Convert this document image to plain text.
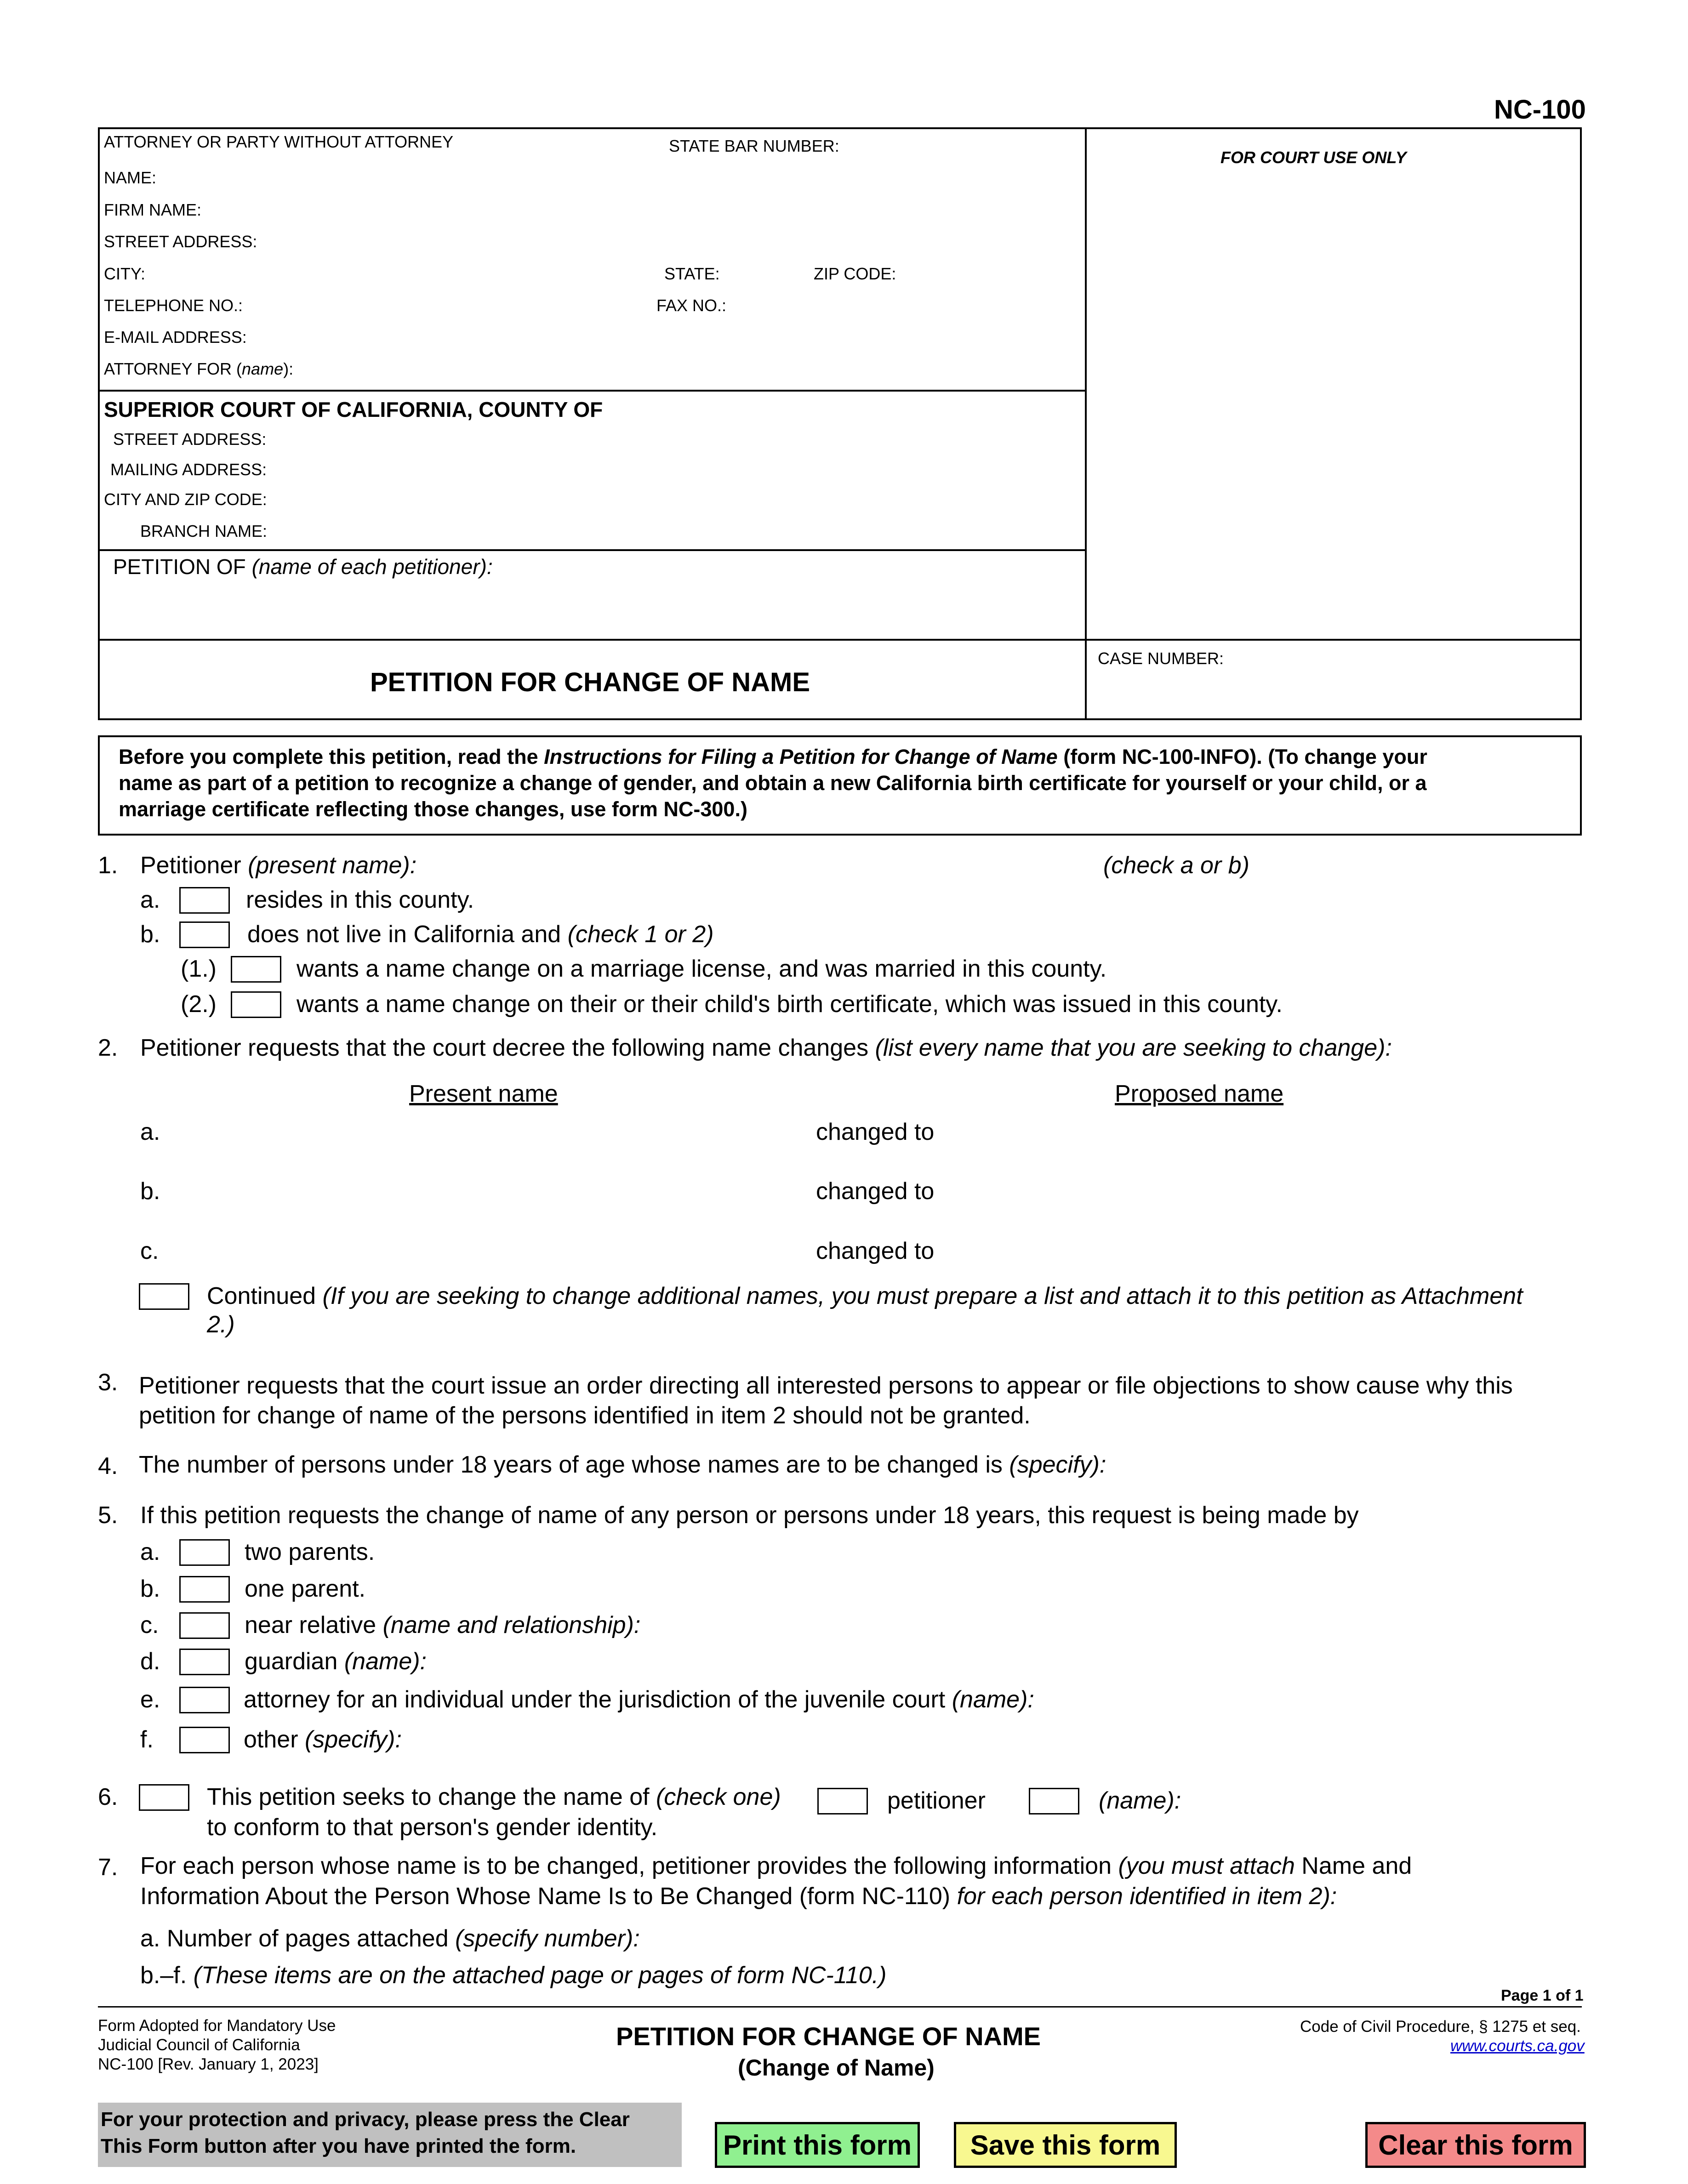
NC-100
ATTORNEY OR PARTY WITHOUT ATTORNEY	STATE BAR NUMBER:
FOR COURT USE ONLY
NAME:
FIRM NAME:
STREET ADDRESS:
CITY:	STATE:	ZIP CODE:
TELEPHONE NO.:	FAX NO.:
E-MAIL ADDRESS:
ATTORNEY FOR (name):
SUPERIOR COURT OF CALIFORNIA, COUNTY OF
STREET ADDRESS:
MAILING ADDRESS:
CITY AND ZIP CODE:
BRANCH NAME:
PETITION OF (name of each petitioner):
CASE NUMBER:
PETITION FOR CHANGE OF NAME
Before you complete this petition, read the Instructions for Filing a Petition for Change of Name (form NC-100-INFO). (To change your
name as part of a petition to recognize a change of gender, and obtain a new California birth certificate for yourself or your child, or a
marriage certificate reflecting those changes, use form NC-300.)
1. Petitioner (present name):	(check a or b)
a.	resides in this county.
b.	does not live in California and (check 1 or 2)
(1.)	wants a name change on a marriage license, and was married in this county.
(2.)	wants a name change on their or their child's birth certificate, which was issued in this county.
2. Petitioner requests that the court decree the following name changes (list every name that you are seeking to change):
Present name	Proposed name
a.	changed to
b.	changed to
c.	changed to
Continued (If you are seeking to change additional names, you must prepare a list and attach it to this petition as Attachment
2.)
3. Petitioner requests that the court issue an order directing all interested persons to appear or file objections to show cause why this
petition for change of name of the persons identified in item 2 should not be granted.
4. The number of persons under 18 years of age whose names are to be changed is (specify):
5. If this petition requests the change of name of any person or persons under 18 years, this request is being made by
a.	two parents.
b.	one parent.
c.	near relative (name and relationship):
d.	guardian (name):
e.	attorney for an individual under the jurisdiction of the juvenile court (name):
f.	other (specify):
6.	This petition seeks to change the name of (check one)	petitioner	(name):
to conform to that person's gender identity.
7. For each person whose name is to be changed, petitioner provides the following information (you must attach Name and
Information About the Person Whose Name Is to Be Changed (form NC-110) for each person identified in item 2):
a. Number of pages attached (specify number):
b.–f. (These items are on the attached page or pages of form NC-110.)
Page 1 of 1
Form Adopted for Mandatory Use
Judicial Council of California
NC-100 [Rev. January 1, 2023]
PETITION FOR CHANGE OF NAME
(Change of Name)
Code of Civil Procedure, § 1275 et seq.
www.courts.ca.gov
For your protection and privacy, please press the Clear
This Form button after you have printed the form.	Print this form	Save this form	Clear this form
